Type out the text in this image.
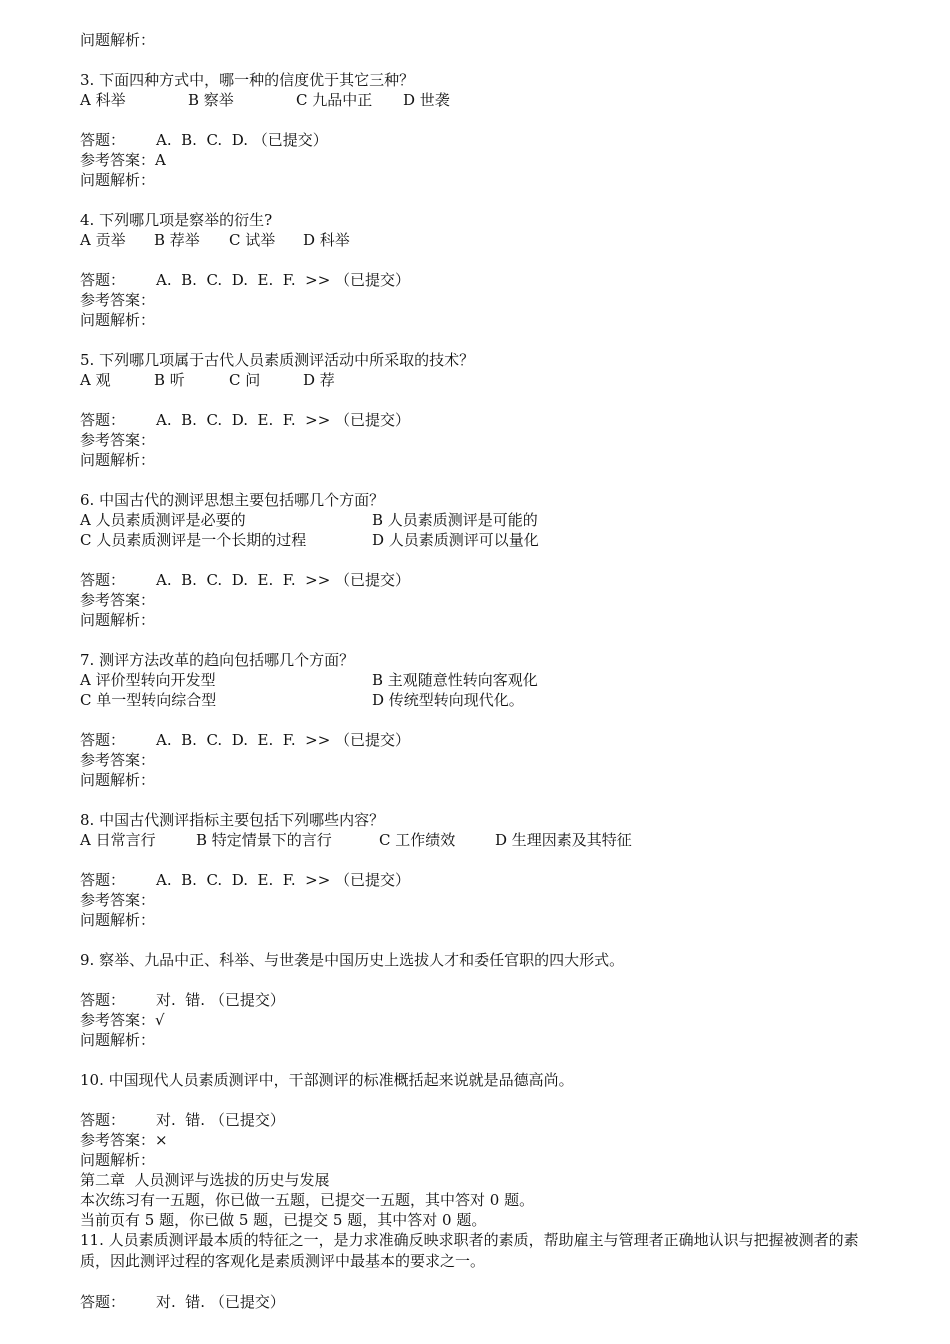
问题解析：
3. 下面四种方式中，哪一种的信度优于其它三种？

A 科举

	B 察举

	C 九品中正

D 世袭

答题： A.  B.  C.  D. （已提交）
参考答案：A
问题解析：
4. 下列哪几项是察举的衍生?

A 贡举

B 荐举

C 试举

D 科举

答题： A.  B.  C.  D.  E.  F.  >> （已提交）
参考答案：
问题解析：
5. 下列哪几项属于古代人员素质测评活动中所采取的技术？

A 观

	B 听

	C 问

	D 荐

答题： A.  B.  C.  D.  E.  F.  >> （已提交）
参考答案：
问题解析：
6. 中国古代的测评思想主要包括哪几个方面？

A 人员素质测评是必要的

	B 人员素质测评是可能的

C 人员素质测评是一个长期的过程

	D 人员素质测评可以量化

答题： A.  B.  C.  D.  E.  F.  >> （已提交）
参考答案：
问题解析：
7. 测评方法改革的趋向包括哪几个方面？

A 评价型转向开发型

	B 主观随意性转向客观化

C 单一型转向综合型

	D 传统型转向现代化。

答题： A.  B.  C.  D.  E.  F.  >> （已提交）
参考答案：
问题解析：
8. 中国古代测评指标主要包括下列哪些内容？

A 日常言行

	B 特定情景下的言行

	C 工作绩效

	D 生理因素及其特征

答题： A.  B.  C.  D.  E.  F.  >> （已提交）
参考答案：
问题解析：
9. 察举、九品中正、科举、与世袭是中国历史上选拔人才和委任官职的四大形式。
答题： 对.  错. （已提交）
参考答案：√
问题解析：
10. 中国现代人员素质测评中，干部测评的标准概括起来说就是品德高尚。
答题： 对.  错. （已提交）
参考答案：×
问题解析：
第二章  人员测评与选拔的历史与发展
本次练习有一五题，你已做一五题，已提交一五题，其中答对 0 题。
当前页有 5 题，你已做 5 题，已提交 5 题，其中答对 0 题。
11. 人员素质测评最本质的特征之一，是力求准确反映求职者的素质，帮助雇主与管理者正确地认识与把握被测者的素质，因此测评过程的客观化是素质测评中最基本的要求之一。
答题： 对.  错. （已提交）
